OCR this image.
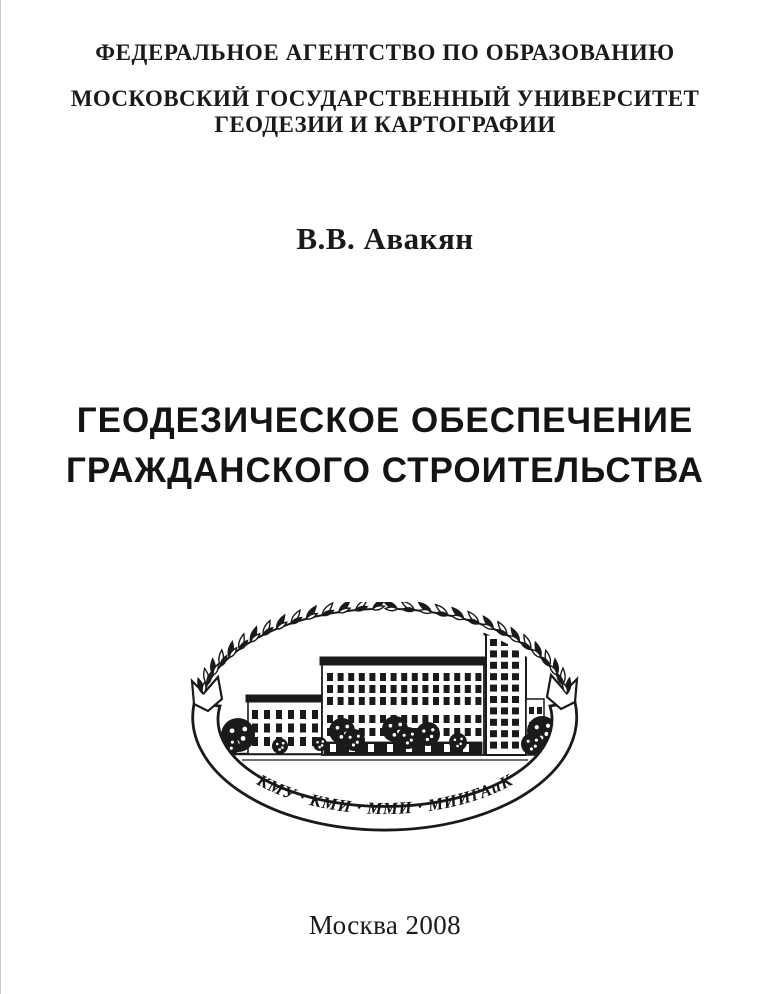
ФЕДЕРАЛЬНОЕ АГЕНТСТВО ПО ОБРАЗОВАНИЮ
МОСКОВСКИЙ ГОСУДАРСТВЕННЫЙ УНИВЕРСИТЕТ
ГЕОДЕЗИИ И КАРТОГРАФИИ
В.В. Авакян
ГЕОДЕЗИЧЕСКОЕ ОБЕСПЕЧЕНИЕ
ГРАЖДАНСКОГО СТРОИТЕЛЬСТВА
КМУ · КМИ · ММИ · МИИГАиК
Москва 2008
